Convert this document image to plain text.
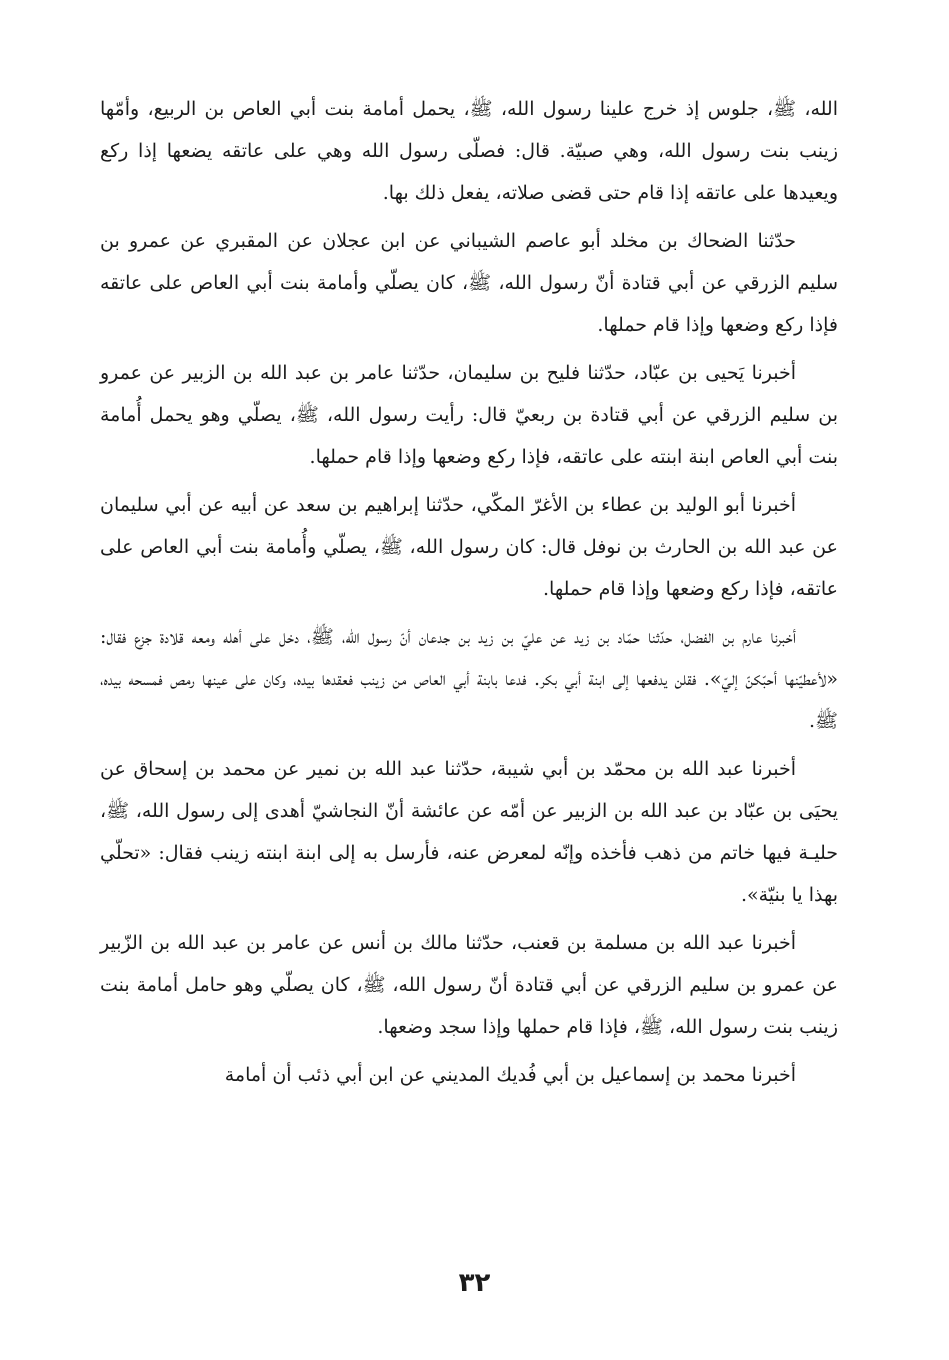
الله، ﷺ، جلوس إذ خرج علينا رسول الله، ﷺ، يحمل أمامة بنت أبي العاص بن الربيع، وأمّها زينب بنت رسول الله، وهي صبيّة. قال: فصلّى رسول الله وهي على عاتقه يضعها إذا ركع ويعيدها على عاتقه إذا قام حتى قضى صلاته، يفعل ذلك بها.

حدّثنا الضحاك بن مخلد أبو عاصم الشيباني عن ابن عجلان عن المقبري عن عمرو بن سليم الزرقي عن أبي قتادة أنّ رسول الله، ﷺ، كان يصلّي وأمامة بنت أبي العاص على عاتقه فإذا ركع وضعها وإذا قام حملها.

أخبرنا يَحيى بن عبّاد، حدّثنا فليح بن سليمان، حدّثنا عامر بن عبد الله بن الزبير عن عمرو بن سليم الزرقي عن أبي قتادة بن ربعيّ قال: رأيت رسول الله، ﷺ، يصلّي وهو يحمل أُمامة بنت أبي العاص ابنة ابنته على عاتقه، فإذا ركع وضعها وإذا قام حملها.

أخبرنا أبو الوليد بن عطاء بن الأغرّ المكّي، حدّثنا إبراهيم بن سعد عن أبيه عن أبي سليمان عن عبد الله بن الحارث بن نوفل قال: كان رسول الله، ﷺ، يصلّي وأُمامة بنت أبي العاص على عاتقه، فإذا ركع وضعها وإذا قام حملها.

أخبرنا عارم بن الفضل، حدّثنا حمّاد بن زيد عن عليّ بن زيد بن جدعان أنّ رسول الله، ﷺ، دخل على أهله ومعه قلادة جزع فقال: «لأعطيّنها أحبّكنّ إليّ». فقلن يدفعها إلى ابنة أبي بكر. فدعا بابنة أبي العاص من زينب فعقدها بيده، وكان على عينها رمص فمسحه بيده، ﷺ.

أخبرنا عبد الله بن محمّد بن أبي شيبة، حدّثنا عبد الله بن نمير عن محمد بن إسحاق عن يحيَى بن عبّاد بن عبد الله بن الزبير عن أمّه عن عائشة أنّ النجاشيّ أهدى إلى رسول الله، ﷺ، حليـة فيها خاتم من ذهب فأخذه وإنّه لمعرض عنه، فأرسل به إلى ابنة ابنته زينب فقال: «تحلّي بهذا يا بنيّة».

أخبرنا عبد الله بن مسلمة بن قعنب، حدّثنا مالك بن أنس عن عامر بن عبد الله بن الزّبير عن عمرو بن سليم الزرقي عن أبي قتادة أنّ رسول الله، ﷺ، كان يصلّي وهو حامل أمامة بنت زينب بنت رسول الله، ﷺ، فإذا قام حملها وإذا سجد وضعها.

أخبرنا محمد بن إسماعيل بن أبي فُديك المديني عن ابن أبي ذئب أن أمامة

٣٢
